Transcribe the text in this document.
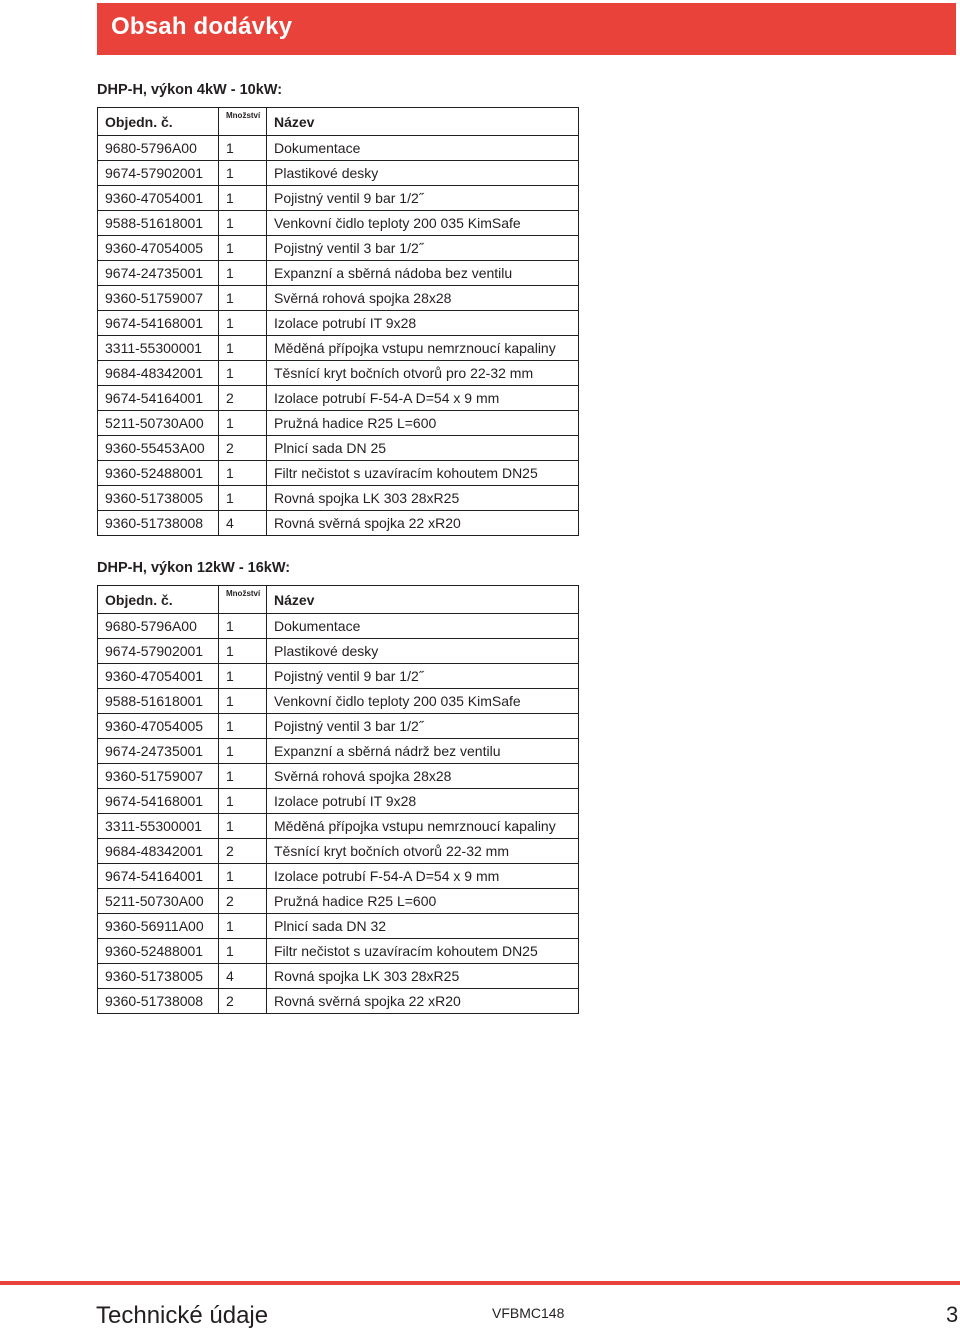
Obsah dodávky
DHP-H, výkon 4kW - 10kW:
Objedn. č.	Množství	Název
9680-5796A00	1	Dokumentace
9674-57902001	1	Plastikové desky
9360-47054001	1	Pojistný ventil 9 bar 1/2˝
9588-51618001	1	Venkovní čidlo teploty 200 035 KimSafe
9360-47054005	1	Pojistný ventil 3 bar 1/2˝
9674-24735001	1	Expanzní a sběrná nádoba bez ventilu
9360-51759007	1	Svěrná rohová spojka 28x28
9674-54168001	1	Izolace potrubí IT 9x28
3311-55300001	1	Měděná přípojka vstupu nemrznoucí kapaliny
9684-48342001	1	Těsnící kryt bočních otvorů pro 22-32 mm
9674-54164001	2	Izolace potrubí F-54-A D=54 x 9 mm
5211-50730A00	1	Pružná hadice R25 L=600
9360-55453A00	2	Plnicí sada DN 25
9360-52488001	1	Filtr nečistot s uzavíracím kohoutem DN25
9360-51738005	1	Rovná spojka LK 303 28xR25
9360-51738008	4	Rovná svěrná spojka 22 xR20
DHP-H, výkon 12kW - 16kW:
Objedn. č.	Množství	Název
9680-5796A00	1	Dokumentace
9674-57902001	1	Plastikové desky
9360-47054001	1	Pojistný ventil 9 bar 1/2˝
9588-51618001	1	Venkovní čidlo teploty 200 035 KimSafe
9360-47054005	1	Pojistný ventil 3 bar 1/2˝
9674-24735001	1	Expanzní a sběrná nádrž bez ventilu
9360-51759007	1	Svěrná rohová spojka 28x28
9674-54168001	1	Izolace potrubí IT 9x28
3311-55300001	1	Měděná přípojka vstupu nemrznoucí kapaliny
9684-48342001	2	Těsnící kryt bočních otvorů 22-32 mm
9674-54164001	1	Izolace potrubí F-54-A D=54 x 9 mm
5211-50730A00	2	Pružná hadice R25 L=600
9360-56911A00	1	Plnicí sada DN 32
9360-52488001	1	Filtr nečistot s uzavíracím kohoutem DN25
9360-51738005	4	Rovná spojka LK 303 28xR25
9360-51738008	2	Rovná svěrná spojka 22 xR20
Technické údaje	VFBMC148	3
